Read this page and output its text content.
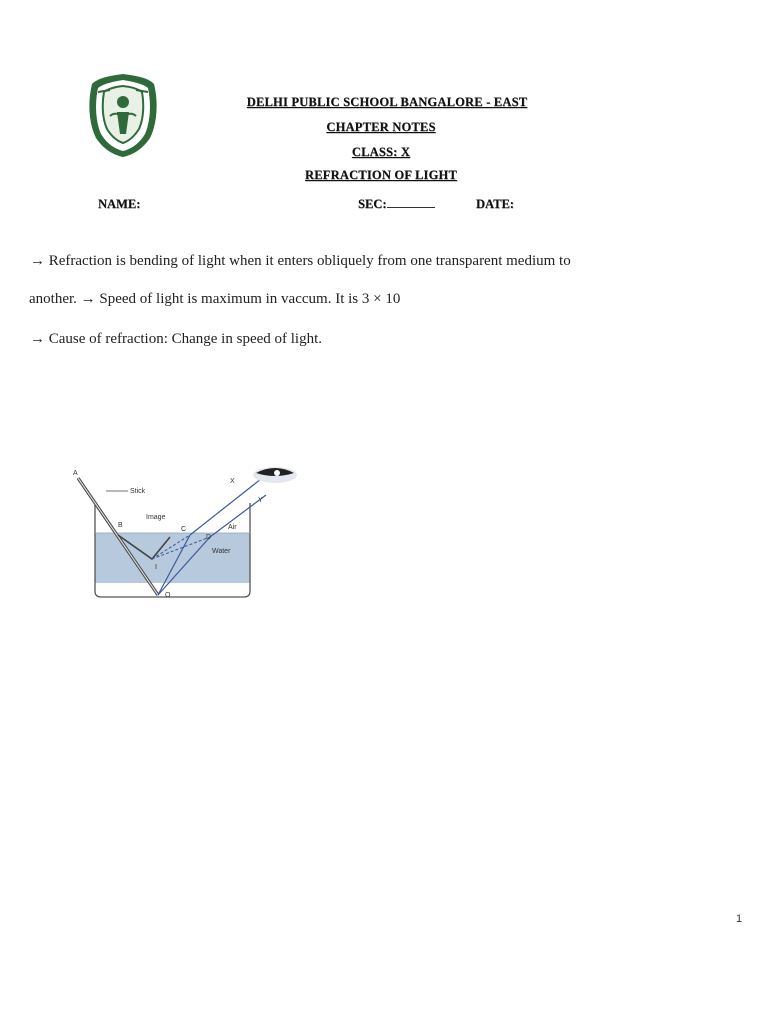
DELHI PUBLIC SCHOOL BANGALORE - EAST
CHAPTER NOTES
CLASS: X
REFRACTION OF LIGHT
NAME:	SEC:	DATE:
→ Refraction is bending of light when it enters obliquely from one transparent medium to
another. → Speed of light is maximum in vaccum. It is 3 × 10
→ Cause of refraction: Change in speed of light.
A
Stick
Image
B
C
D
X
Y
Air
Water
I
O
1
